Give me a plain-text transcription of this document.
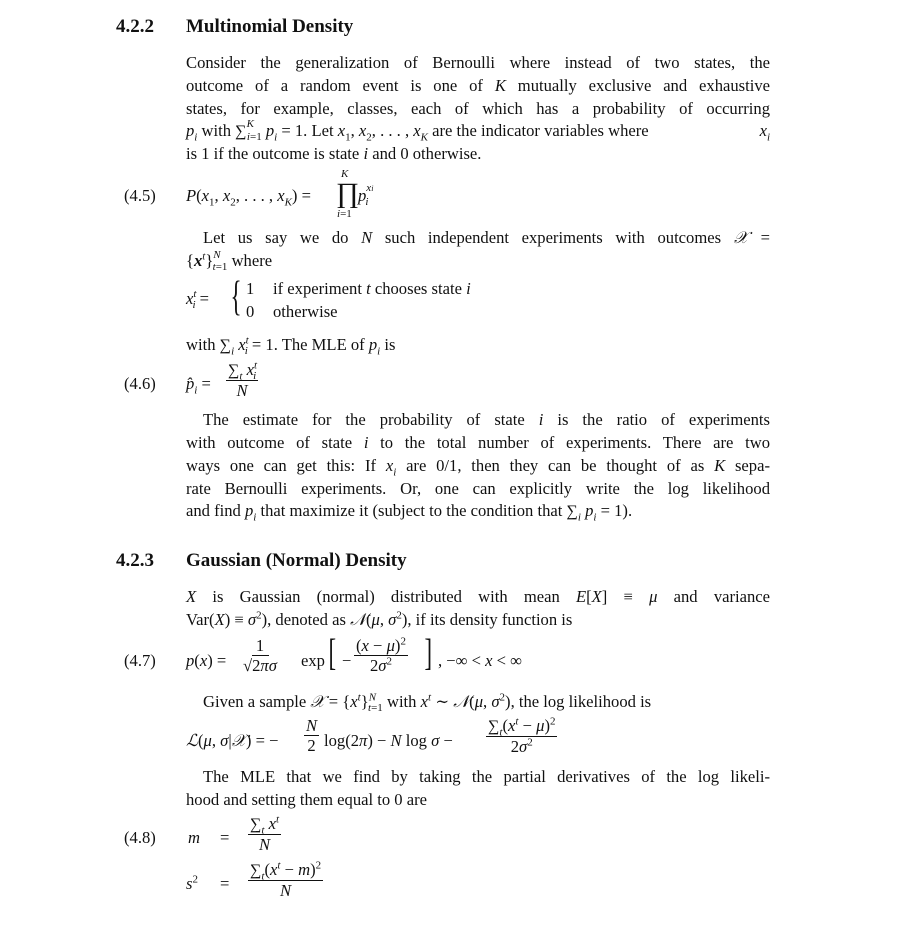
4.2.2 Multinomial Density
Consider the generalization of Bernoulli where instead of two states, the
outcome of a random event is one of K mutually exclusive and exhaustive
states, for example, classes, each of which has a probability of occurring
$p_i$ with ∑$^K_{i=1}$ $p_i = 1$. Let $x_1$, $x_2$, . . . , $x_K$ are the indicator variables where	$x_i$
is 1 if the outcome is state i and 0 otherwise.
(4.5) $P(x_1$, $x_2$, . . . , $x_K$) =
K
∏
i=1
$p^{xi}_i$
Let us say we do N such independent experiments with outcomes 𝒳 =
$\{x^t\}^N_{t=1}$ where
$x^t_i$ = { 1 if experiment t chooses state i
0 otherwise
with $\sum_i$ $x^t_i = 1$. The MLE of $p_i$ is
(4.6) $p̂_i$ =
$\sum_t$ $x^t_i$
N
The estimate for the probability of state i is the ratio of experiments
with outcome of state i to the total number of experiments. There are two
ways one can get this: If $x_i$ are 0/1, then they can be thought of as K sepa-
rate Bernoulli experiments. Or, one can explicitly write the log likelihood
and find $p_i$ that maximize it (subject to the condition that $\sum_i$ $p_i = 1$).
4.2.3 Gaussian (Normal) Density
X is Gaussian (normal) distributed with mean E[X] ≡ μ and variance
$Var(X) \equiv \sigma^2$), denoted as 𝒩(μ, $\sigma^2$), if its density function is
(4.7) $p(x) = \frac{1}{√2\pi\sigma}$ exp [ − $\frac{(x - \mu)^2}{2\sigma^2}$ ] , −∞ < x < ∞
Given a sample 𝒳 = $\{x^t\}^N_{t=1}$ with $x^t$ ∼ 𝒩(μ, $\sigma^2$), the log likelihood is
ℒ(μ, σ|𝒳) = − $\frac{N}{2} \log(2\pi) - N$ $\log \sigma - \frac{\sum_t(x^t - \mu)^2}{2\sigma^2}$
The MLE that we find by taking the partial derivatives of the log likeli-
hood and setting them equal to 0 are
(4.8) $m = \frac{\sum_t x^t}{N}$
$s^2 = \frac{\sum_t(x^t - m)^2}{N}$
